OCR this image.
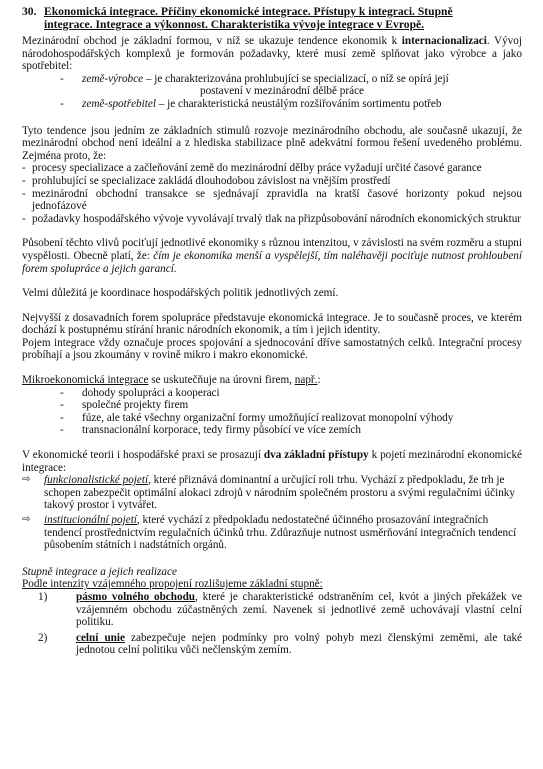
30. Ekonomická integrace. Příčiny ekonomické integrace. Přístupy k integraci. Stupně
integrace. Integrace a výkonnost. Charakteristika vývoje integrace v Evropě.

Mezinárodní obchod je základní formou, v níž se ukazuje tendence ekonomik k internacionalizaci. Vývoj národohospodářských komplexů je formován požadavky, které musí země splňovat jako výrobce a jako spotřebitel:

- země-výrobce – je charakterizována prohlubující se specializací, o níž se opírá její
postavení v mezinárodní dělbě práce
- země-spotřebitel – je charakteristická neustálým rozšiřováním sortimentu potřeb

Tyto tendence jsou jedním ze základních stimulů rozvoje mezinárodního obchodu, ale současně ukazují, že mezinárodní obchod není ideální a z hlediska stabilizace plně adekvátní formou řešení uvedeného problému. Zejména proto, že:

- procesy specializace a začleňování země do mezinárodní dělby práce vyžadují určité časové garance
- prohlubující se specializace zakládá dlouhodobou závislost na vnějším prostředí
- mezinárodní obchodní transakce se sjednávají zpravidla na kratší časové horizonty pokud nejsou jednofázové
- požadavky hospodářského vývoje vyvolávají trvalý tlak na přizpůsobování národních ekonomických struktur

Působení těchto vlivů pociťují jednotlivé ekonomiky s různou intenzitou, v závislosti na svém rozměru a stupni vyspělosti. Obecně platí, že: čím je ekonomika menší a vyspělejší, tím naléhavěji pociťuje nutnost prohloubení forem spolupráce a jejich garancí.

Velmi důležitá je koordinace hospodářských politik jednotlivých zemí.

Nejvyšší z dosavadních forem spolupráce představuje ekonomická integrace. Je to současně proces, ve kterém dochází k postupnému stírání hranic národních ekonomik, a tím i jejich identity.

Pojem integrace vždy označuje proces spojování a sjednocování dříve samostatných celků. Integrační procesy probíhají a jsou zkoumány v rovině mikro i makro ekonomické.

Mikroekonomická integrace se uskutečňuje na úrovni firem, např.:

- dohody spolupráci a kooperaci
- společné projekty firem
- fúze, ale také všechny organizační formy umožňující realizovat monopolní výhody
- transnacionální korporace, tedy firmy působící ve více zemích

V ekonomické teorii i hospodářské praxi se prosazují dva základní přístupy k pojetí mezinárodní ekonomické integrace:

⇨ funkcionalistické pojetí, které přiznává dominantní a určující roli trhu. Vychází z předpokladu, že trh je schopen zabezpečit optimální alokaci zdrojů v národním společném prostoru a svými regulačními účinky takový prostor i vytvářet.
⇨ institucionální pojetí, které vychází z předpokladu nedostatečné účinného prosazování integračních tendencí prostřednictvím regulačních účinků trhu. Zdůrazňuje nutnost usměrňování integračních tendencí působením státních i nadstátních orgánů.

Stupně integrace a jejich realizace

Podle intenzity vzájemného propojení rozlišujeme základní stupně:

1)	pásmo volného obchodu, které je charakteristické odstraněním cel, kvót a jiných překážek ve vzájemném obchodu zúčastněných zemí. Navenek si jednotlivé země uchovávají vlastní celní politiku.
2)	celní unie zabezpečuje nejen podmínky pro volný pohyb mezi členskými zeměmi, ale také jednotou celní politiku vůči nečlenským zemím.
